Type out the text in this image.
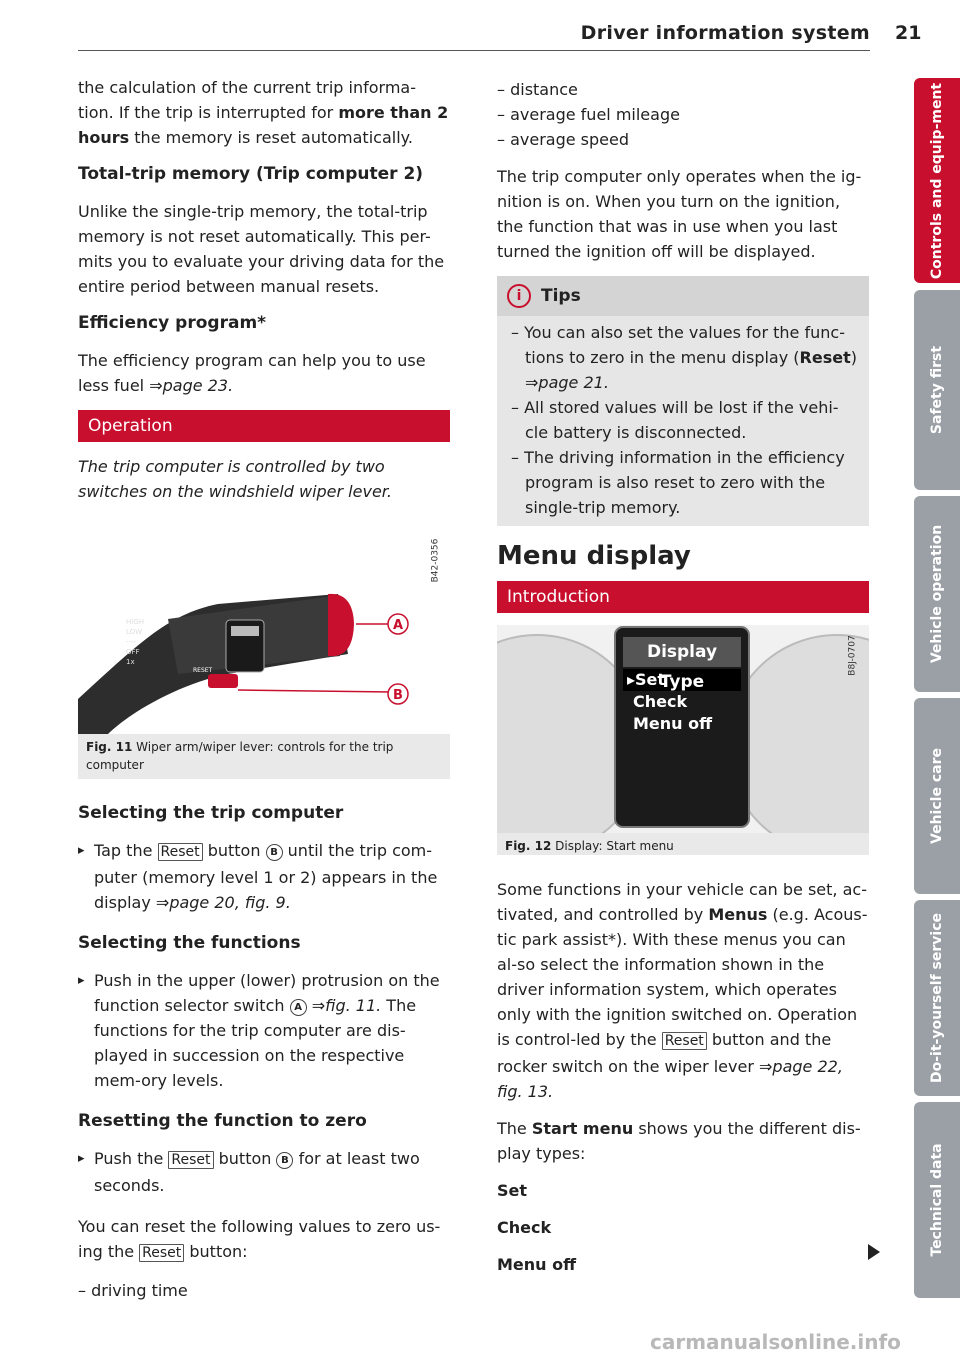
Driver information system 21

the calculation of the current trip informa-tion. If the trip is interrupted for more than 2 hours the memory is reset automatically.

Total-trip memory (Trip computer 2)

Unlike the single-trip memory, the total-trip memory is not reset automatically. This per-mits you to evaluate your driving data for the entire period between manual resets.

Efficiency program*

The efficiency program can help you to use less fuel ⇒page 23.

Operation

The trip computer is controlled by two switches on the windshield wiper lever.

A
B
RESET
HIGH
LOW
----
OFF
1x
B42-0356
Fig. 11 Wiper arm/wiper lever: controls for the trip computer
Selecting the trip computer

▸ Tap the Reset button B until the trip com-puter (memory level 1 or 2) appears in the display ⇒page 20, fig. 9.

Selecting the functions

▸ Push in the upper (lower) protrusion on the function selector switch A ⇒fig. 11. The functions for the trip computer are dis-played in succession on the respective mem-ory levels.

Resetting the function to zero

▸ Push the Reset button B for at least two seconds.

You can reset the following values to zero us-ing the Reset button:

– driving time

– distance

– average fuel mileage

– average speed

The trip computer only operates when the ig-nition is on. When you turn on the ignition, the function that was in use when you last turned the ignition off will be displayed.

i Tips

– You can also set the values for the func-tions to zero in the menu display (Reset) ⇒page 21.

– All stored values will be lost if the vehi-cle battery is disconnected.

– The driving information in the efficiency program is also reset to zero with the single-trip memory.

Menu display
Introduction
Display Type
▸Set
Check
Menu off
B8J-0707
Fig. 12 Display: Start menu

Some functions in your vehicle can be set, ac-tivated, and controlled by Menus (e.g. Acous-tic park assist*). With these menus you can al-so select the information shown in the driver information system, which operates only with the ignition switched on. Operation is control-led by the Reset button and the rocker switch on the wiper lever ⇒page 22, fig. 13.

The Start menu shows you the different dis-play types:

Set

Check

Menu off

Controls and equip-ment
Safety first
Vehicle operation
Vehicle care
Do-it-yourself service
Technical data
carmanualsonline.info
